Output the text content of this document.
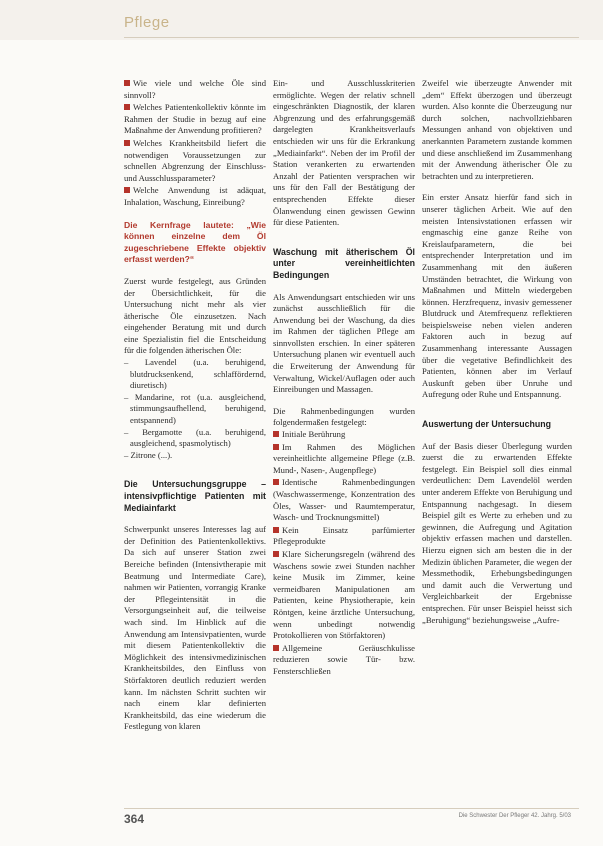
Pflege
Wie viele und welche Öle sind sinnvoll?
Welches Patientenkollektiv könnte im Rahmen der Studie in bezug auf eine Maßnahme der Anwendung profitieren?
Welches Krankheitsbild liefert die notwendigen Voraussetzungen zur schnellen Abgrenzung der Einschluss- und Ausschlussparameter?
Welche Anwendung ist adäquat, Inhalation, Waschung, Einreibung?

Die Kernfrage lautete: „Wie können einzelne dem Öl zugeschriebene Effekte objektiv erfasst werden?“

Zuerst wurde festgelegt, aus Gründen der Übersichtlichkeit, für die Untersuchung nicht mehr als vier ätherische Öle einzusetzen. Nach eingehender Beratung mit und durch eine Spezialistin fiel die Entscheidung für die folgenden ätherischen Öle:

– Lavendel (u.a. beruhigend, blutdrucksenkend, schlaffördernd, diuretisch)
– Mandarine, rot (u.a. ausgleichend, stimmungsaufhellend, beruhigend, entspannend)
– Bergamotte (u.a. beruhigend, ausgleichend, spasmolytisch)
– Zitrone (...).

Die Untersuchungsgruppe – intensivpflichtige Patienten mit Mediainfarkt

Schwerpunkt unseres Interesses lag auf der Definition des Patientenkollektivs. Da sich auf unserer Station zwei Bereiche befinden (Intensivtherapie mit Beatmung und Intermediate Care), nahmen wir Patienten, vorrangig Kranke der Pflegeintensität in die Versorgungseinheit auf, die teilweise wach sind. Im Hinblick auf die Anwendung am Intensivpatienten, wurde mit diesem Patientenkollektiv die Möglichkeit des intensivmedizinischen Krankheitsbildes, den Einfluss von Störfaktoren deutlich reduziert werden kann. Im nächsten Schritt suchten wir nach einem klar definierten Krankheitsbild, das eine wiederum die Festlegung von klaren

Ein- und Ausschlusskriterien ermöglichte. Wegen der relativ schnell eingeschränkten Diagnostik, der klaren Abgrenzung und des erfahrungsgemäß dargelegten Krankheitsverlaufs entschieden wir uns für die Erkrankung „Mediainfarkt“. Neben der im Profil der Station verankerten zu erwartenden Anzahl der Patienten versprachen wir uns für den Fall der Bestätigung der entsprechenden Effekte dieser Ölanwendung einen gewissen Gewinn für diese Patienten.

Waschung mit ätherischem Öl unter vereinheitlichten Bedingungen

Als Anwendungsart entschieden wir uns zunächst ausschließlich für die Anwendung bei der Waschung, da dies im Rahmen der täglichen Pflege am sinnvollsten erschien. In einer späteren Untersuchung planen wir eventuell auch die Erweiterung der Anwendung für Verwaltung, Wickel/Auflagen oder auch Einreibungen und Massagen.

Die Rahmenbedingungen wurden folgendermaßen festgelegt:

Initiale Berührung
Im Rahmen des Möglichen vereinheitlichte allgemeine Pflege (z.B. Mund-, Nasen-, Augenpflege)
Identische Rahmenbedingungen (Waschwassermenge, Konzentration des Öles, Wasser- und Raumtemperatur, Wasch- und Trocknungsmittel)
Kein Einsatz parfümierter Pflegeprodukte
Klare Sicherungsregeln (während des Waschens sowie zwei Stunden nachher keine Musik im Zimmer, keine vermeidbaren Manipulationen am Patienten, keine Physiotherapie, kein Röntgen, keine ärztliche Untersuchung, wenn unbedingt notwendig Protokollieren von Störfaktoren)
Allgemeine Geräuschkulisse reduzieren sowie Tür- bzw. Fensterschließen

Zweifel wie überzeugte Anwender mit „dem“ Effekt überzogen und überzeugt wurden. Also konnte die Überzeugung nur durch solchen, nachvollziehbaren Messungen anhand von objektiven und anerkannten Parametern zustande kommen und diese anschließend im Zusammenhang mit der Anwendung ätherischer Öle zu betrachten und zu interpretieren.

Ein erster Ansatz hierfür fand sich in unserer täglichen Arbeit. Wie auf den meisten Intensivstationen erfassen wir engmaschig eine ganze Reihe von Kreislaufparametern, die bei entsprechender Interpretation und im Zusammenhang mit den äußeren Umständen betrachtet, die Wirkung von Maßnahmen und Mitteln wiedergeben können. Herzfrequenz, invasiv gemessener Blutdruck und Atemfrequenz reflektieren beispielsweise neben vielen anderen Faktoren auch in bezug auf Zusammenhang interessante Aussagen über die vegetative Befindlichkeit des Patienten, können aber im Verlauf Auskunft geben über Unruhe und Aufregung oder Ruhe und Entspannung.

Auswertung der Untersuchung

Auf der Basis dieser Überlegung wurden zuerst die zu erwartenden Effekte festgelegt. Ein Beispiel soll dies einmal verdeutlichen: Dem Lavendelöl werden unter anderem Effekte von Beruhigung und Entspannung nachgesagt. In diesem Beispiel gilt es Werte zu erheben und zu gewinnen, die Aufregung und Agitation objektiv erfassen machen und darstellen. Hierzu eignen sich am besten die in der Medizin üblichen Parameter, die wegen der Messmethodik, Erhebungsbedingungen und damit auch die Verwertung und Vergleichbarkeit der Ergebnisse entsprechen. Für unser Beispiel heisst sich „Beruhigung“ beziehungsweise „Aufre-

364	Die Schwester Der Pfleger 42. Jahrg. 5/03
